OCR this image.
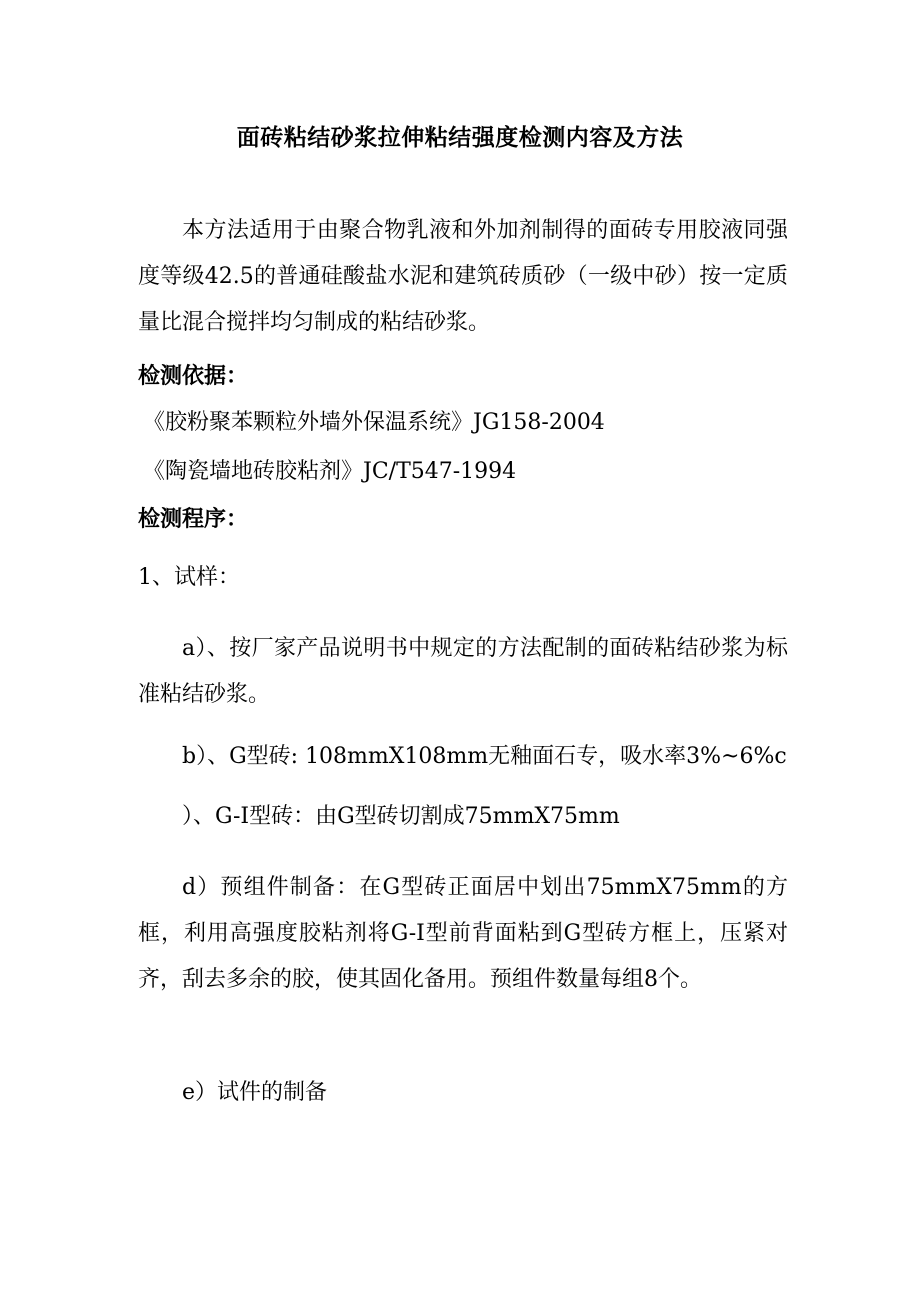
面砖粘结砂浆拉伸粘结强度检测内容及方法
本方法适用于由聚合物乳液和外加剂制得的面砖专用胶液同强度等级42.5的普通硅酸盐水泥和建筑砖质砂（一级中砂）按一定质量比混合搅拌均匀制成的粘结砂浆。
检测依据：
《胶粉聚苯颗粒外墙外保温系统》JG158-2004
《陶瓷墙地砖胶粘剂》JC/T547-1994
检测程序：
1、试样：
a）、按厂家产品说明书中规定的方法配制的面砖粘结砂浆为标准粘结砂浆。
b）、G型砖: 108mmX108mm无釉面石专，吸水率3%~6%c
）、G-I型砖：由G型砖切割成75mmX75mm
d）预组件制备：在G型砖正面居中划出75mmX75mm的方框，利用高强度胶粘剂将G-I型前背面粘到G型砖方框上，压紧对齐，刮去多余的胶，使其固化备用。预组件数量每组8个。
e）试件的制备
